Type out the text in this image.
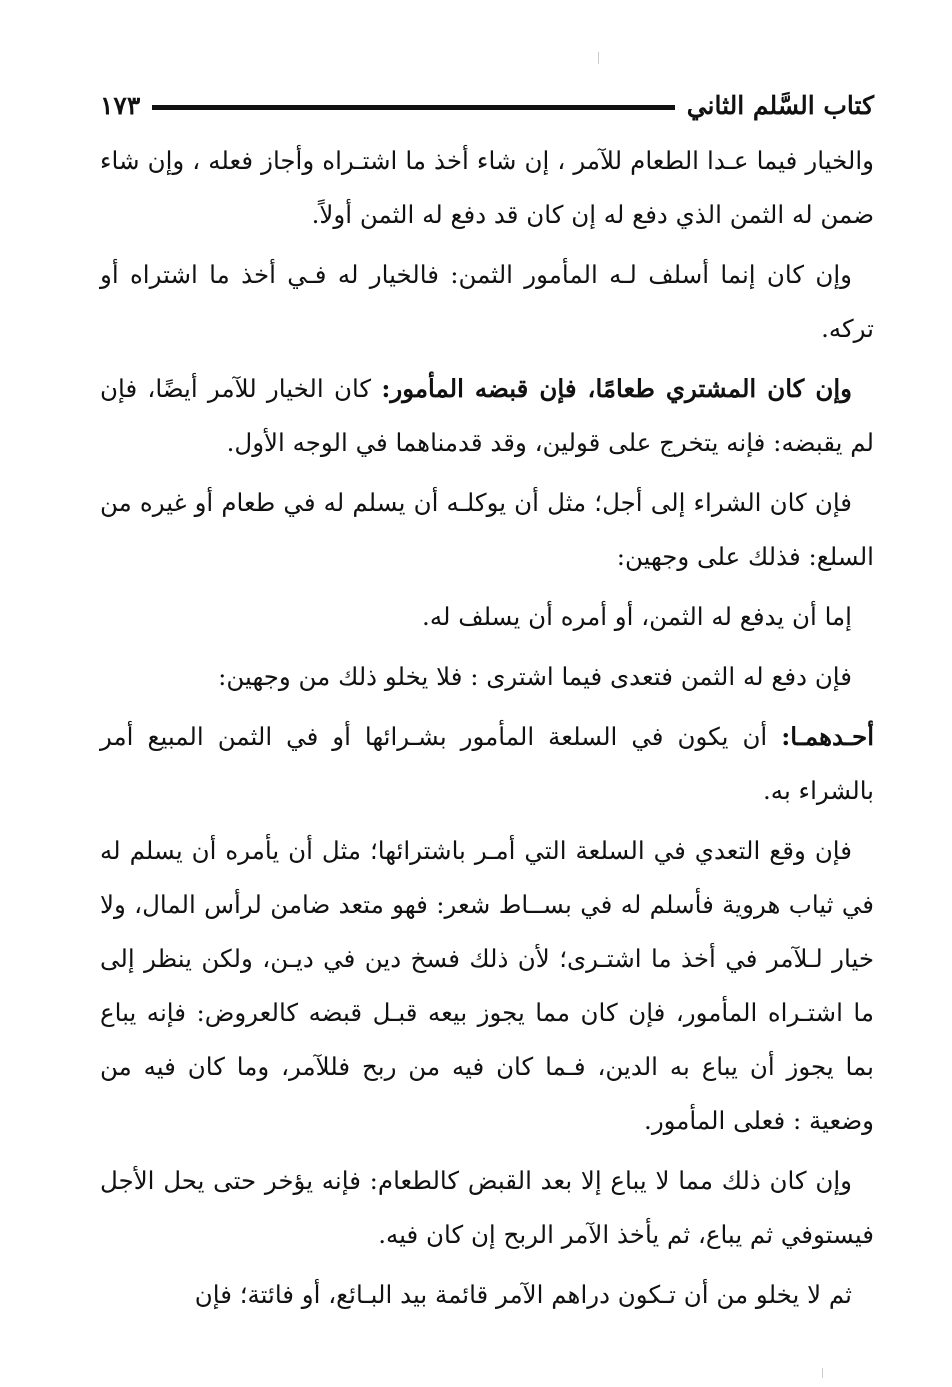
كتاب السَّلم الثاني
١٧٣

والخيار فيما عـدا الطعام للآمر ، إن شاء أخذ ما اشتـراه وأجاز فعله ، وإن شاء ضمن له الثمن الذي دفع له إن كان قد دفع له الثمن أولاً.

وإن كان إنما أسلف لـه المأمور الثمن: فالخيار له فـي أخذ ما اشتراه أو تركه.

وإن كان المشتري طعامًا، فإن قبضه المأمور: كان الخيار للآمر أيضًا، فإن لم يقبضه: فإنه يتخرج على قولين، وقد قدمناهما في الوجه الأول.

فإن كان الشراء إلى أجل؛ مثل أن يوكلـه أن يسلم له في طعام أو غيره من السلع: فذلك على وجهين:

إما أن يدفع له الثمن، أو أمره أن يسلف له.

فإن دفع له الثمن فتعدى فيما اشترى : فلا يخلو ذلك من وجهين:

أحـدهمـا: أن يكون في السلعة المأمور بشـرائها أو في الثمن المبيع أمر بالشراء به.

فإن وقع التعدي في السلعة التي أمـر باشترائها؛ مثل أن يأمره أن يسلم له في ثياب هروية فأسلم له في بســاط شعر: فهو متعد ضامن لرأس المال، ولا خيار لـلآمر في أخذ ما اشتـرى؛ لأن ذلك فسخ دين في ديـن، ولكن ينظر إلى ما اشتـراه المأمور، فإن كان مما يجوز بيعه قبـل قبضه كالعروض: فإنه يباع بما يجوز أن يباع به الدين، فـما كان فيه من ربح فللآمر، وما كان فيه من وضعية : فعلى المأمور.

وإن كان ذلك مما لا يباع إلا بعد القبض كالطعام: فإنه يؤخر حتى يحل الأجل فيستوفي ثم يباع، ثم يأخذ الآمر الربح إن كان فيه.

ثم لا يخلو من أن تـكون دراهم الآمر قائمة بيد البـائع، أو فائتة؛ فإن
